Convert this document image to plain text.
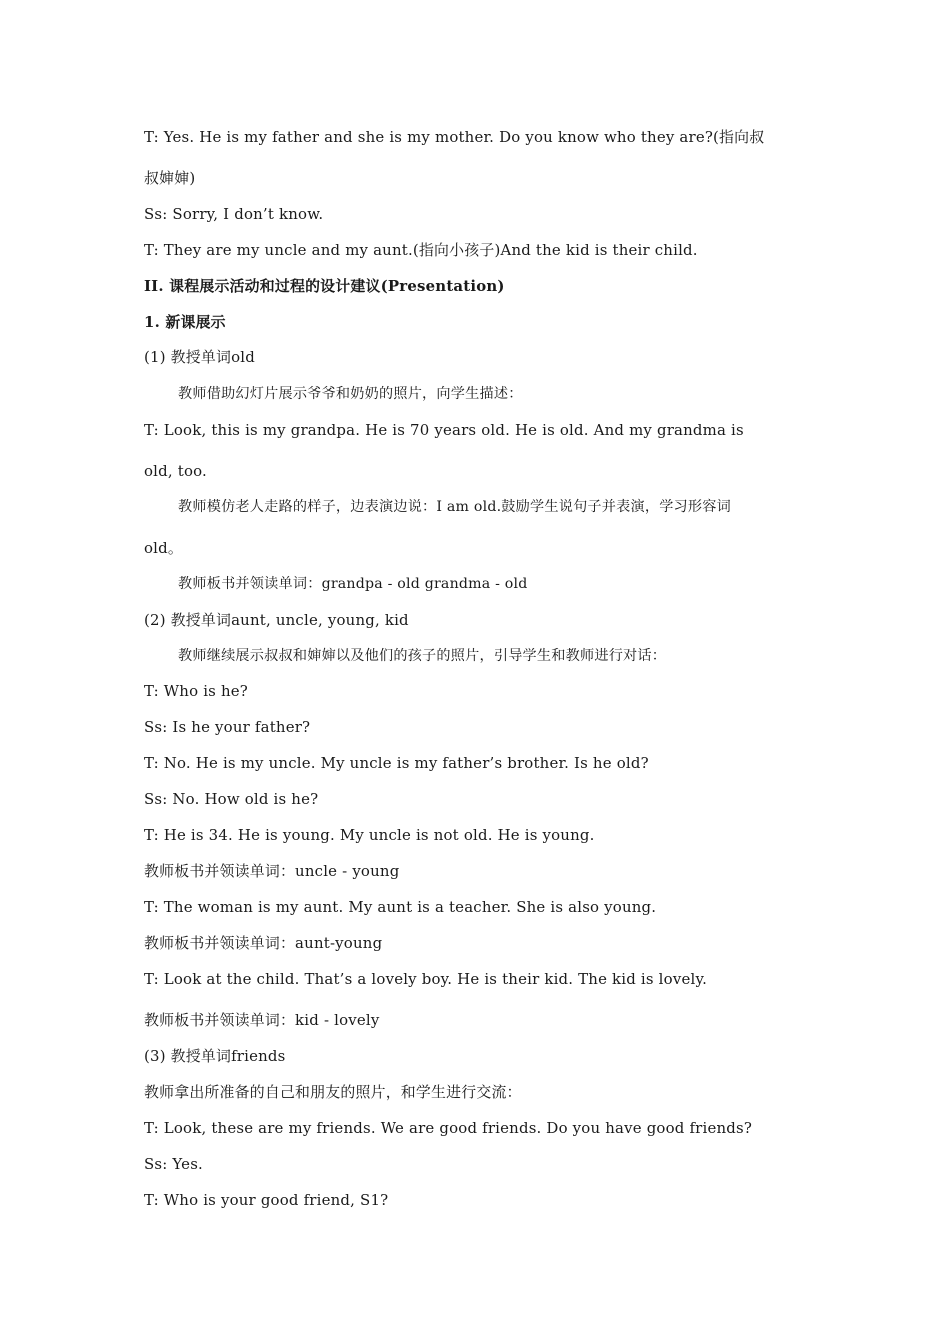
T: Yes. He is my father and she is my mother. Do you know who they are?(指向叔
叔婶婶)
Ss: Sorry, I don’t know.
T: They are my uncle and my aunt.(指向小孩子)And the kid is their child.
II. 课程展示活动和过程的设计建议(Presentation)
1. 新课展示
(1) 教授单词old
教师借助幻灯片展示爷爷和奶奶的照片，向学生描述：
T: Look, this is my grandpa. He is 70 years old. He is old. And my grandma is
old, too.
教师模仿老人走路的样子，边表演边说：I am old.鼓励学生说句子并表演，学习形容词
old。
教师板书并领读单词：grandpa - old grandma - old
(2) 教授单词aunt, uncle, young, kid
教师继续展示叔叔和婶婶以及他们的孩子的照片，引导学生和教师进行对话：
T: Who is he?
Ss: Is he your father?
T: No. He is my uncle. My uncle is my father’s brother. Is he old?
Ss: No. How old is he?
T: He is 34. He is young. My uncle is not old. He is young.
教师板书并领读单词：uncle - young
T: The woman is my aunt. My aunt is a teacher. She is also young.
教师板书并领读单词：aunt-young
T: Look at the child. That’s a lovely boy. He is their kid. The kid is lovely.
教师板书并领读单词：kid - lovely
(3) 教授单词friends
教师拿出所准备的自己和朋友的照片，和学生进行交流：
T: Look, these are my friends. We are good friends. Do you have good friends?
Ss: Yes.
T: Who is your good friend, S1?
